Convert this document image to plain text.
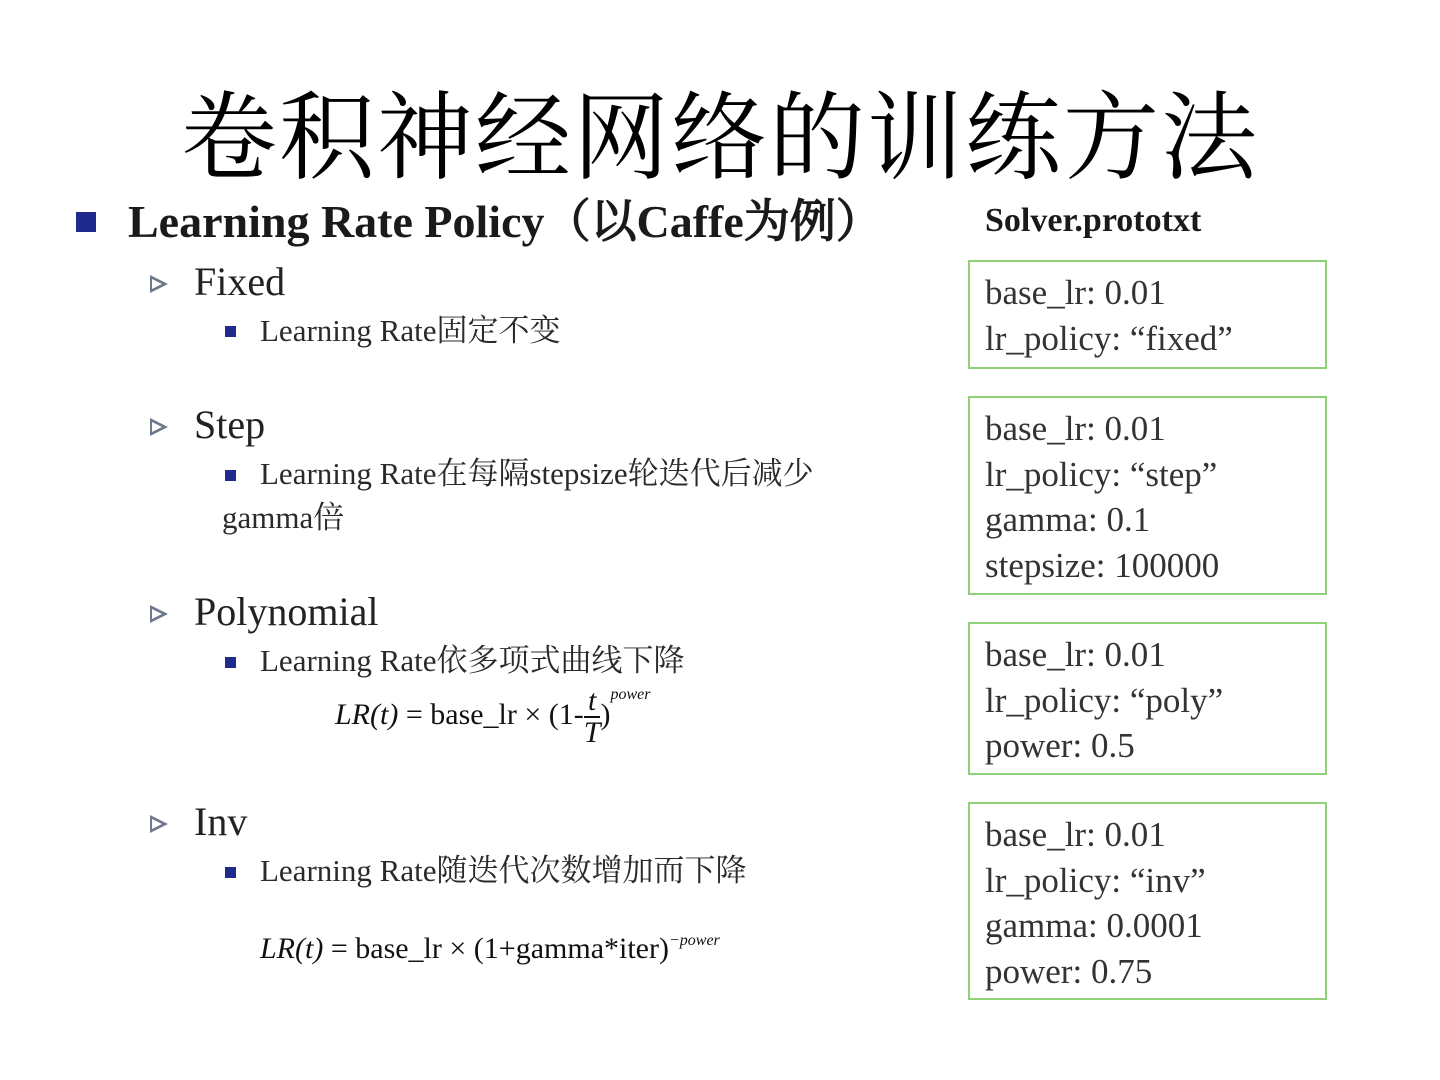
卷积神经网络的训练方法
Learning Rate Policy（以Caffe为例）	Solver.prototxt
Fixed
Learning Rate固定不变
base_lr: 0.01
lr_policy: “fixed”
Step
Learning Rate在每隔stepsize轮迭代后减少
gamma倍
base_lr: 0.01
lr_policy: “step”
gamma: 0.1
stepsize: 100000
Polynomial
Learning Rate依多项式曲线下降
LR(t) = base_lr × $(1- \frac{t}{T} )^{power}$
base_lr: 0.01
lr_policy: “poly”
power: 0.5
Inv
Learning Rate随迭代次数增加而下降
LR(t) = base_lr × (1+gamma*iter)$^{-power}$
base_lr: 0.01
lr_policy: “inv”
gamma: 0.0001
power: 0.75
